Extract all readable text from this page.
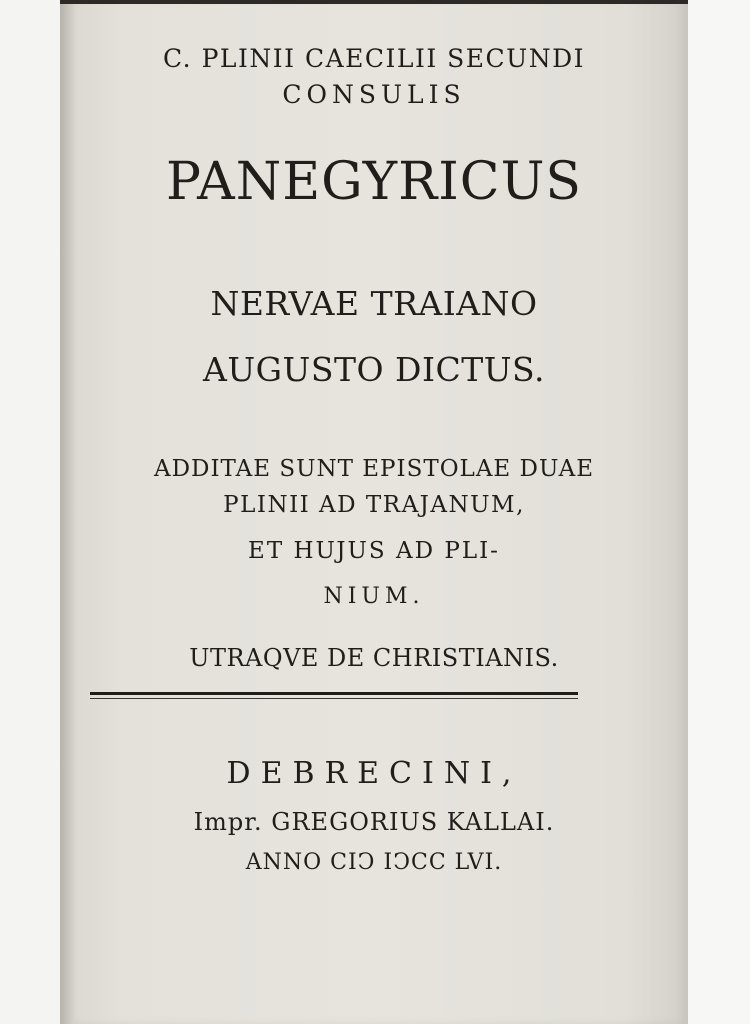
C. PLINII CAECILII SECUNDI
CONSULIS
PANEGYRICUS
NERVAE TRAIANO
AUGUSTO DICTUS.
ADDITAE SUNT EPISTOLAE DUAE
PLINII AD TRAJANUM,
ET HUJUS AD PLI-
NIUM.
UTRAQVE DE CHRISTIANIS.
DEBRECINI,
Impr. GREGORIUS KALLAI.
ANNO CIↃ IↃCC LVI.
